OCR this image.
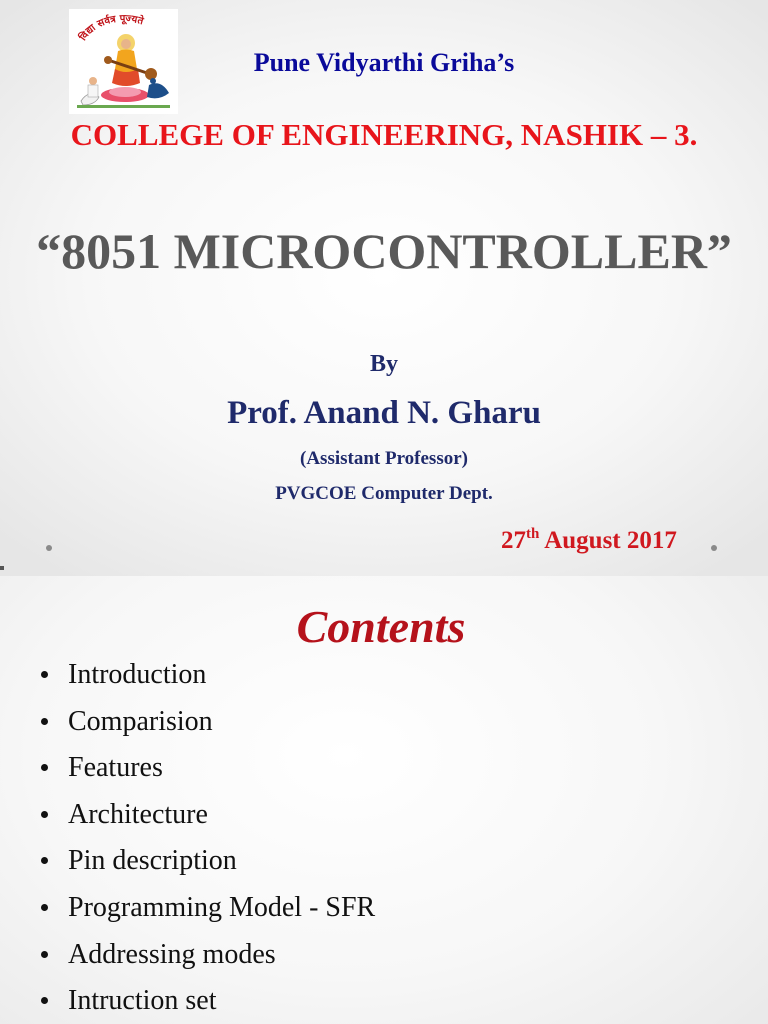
विद्या सर्वत्र पूज्यते
Pune Vidyarthi Griha’s
COLLEGE OF ENGINEERING, NASHIK – 3.
“8051 MICROCONTROLLER”
By
Prof. Anand N. Gharu
(Assistant Professor)
PVGCOE Computer Dept.
27th August 2017
Contents
Introduction
Comparision
Features
Architecture
Pin description
Programming Model - SFR
Addressing modes
Intruction set
